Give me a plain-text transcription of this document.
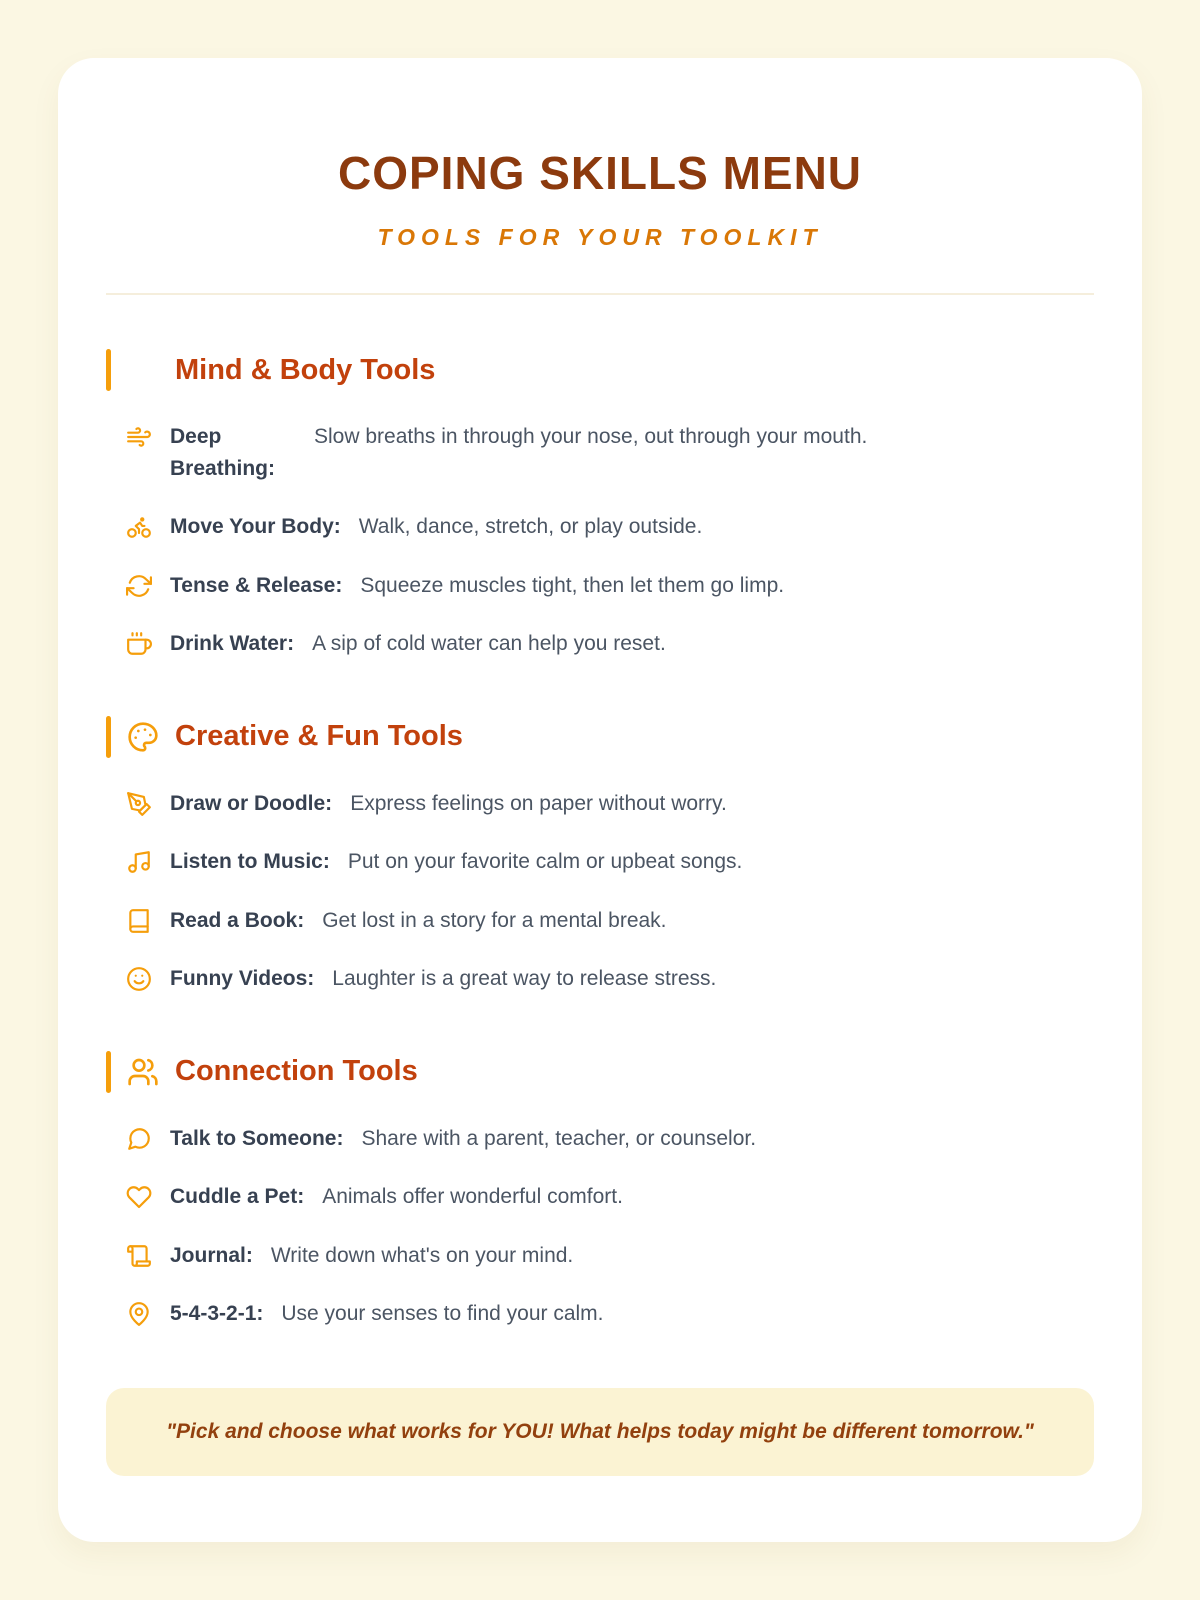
COPING SKILLS MENU
TOOLS FOR YOUR TOOLKIT
Mind & Body Tools
Deep Breathing:
Slow breaths in through your nose, out through your mouth.
Move Your Body: Walk, dance, stretch, or play outside.
Tense & Release: Squeeze muscles tight, then let them go limp.
Drink Water: A sip of cold water can help you reset.
Creative & Fun Tools
Draw or Doodle: Express feelings on paper without worry.
Listen to Music: Put on your favorite calm or upbeat songs.
Read a Book: Get lost in a story for a mental break.
Funny Videos: Laughter is a great way to release stress.
Connection Tools
Talk to Someone: Share with a parent, teacher, or counselor.
Cuddle a Pet: Animals offer wonderful comfort.
Journal: Write down what's on your mind.
5-4-3-2-1: Use your senses to find your calm.

"Pick and choose what works for YOU! What helps today might be different tomorrow."
